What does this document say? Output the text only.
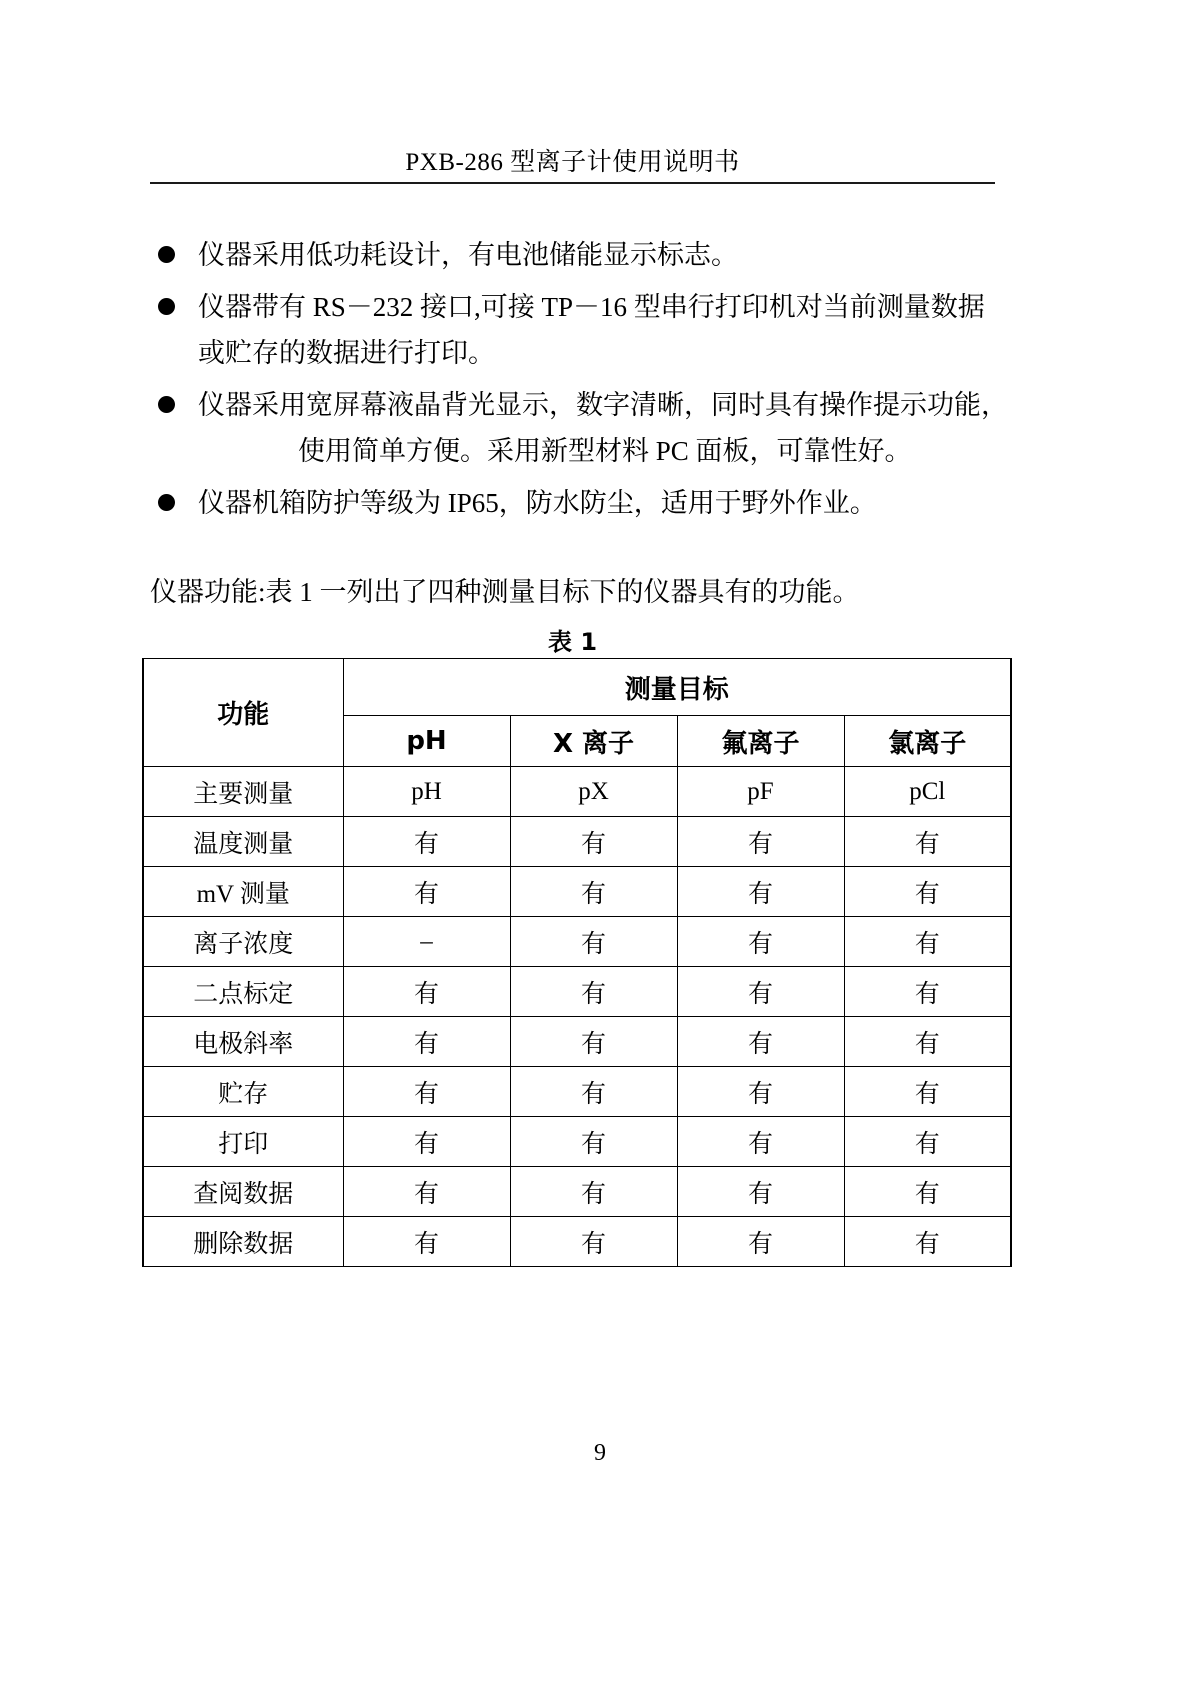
PXB-286 型离子计使用说明书
仪器采用低功耗设计，有电池储能显示标志。
仪器带有 RS－232 接口,可接 TP－16 型串行打印机对当前测量数据
或贮存的数据进行打印。
仪器采用宽屏幕液晶背光显示，数字清晰，同时具有操作提示功能，
使用简单方便。采用新型材料 PC 面板，可靠性好。
仪器机箱防护等级为 IP65，防水防尘，适用于野外作业。
仪器功能:表 1 一列出了四种测量目标下的仪器具有的功能。
表 1
功能	测量目标			
	pH	X 离子	氟离子	氯离子
主要测量	pH	pX	pF	pCl
温度测量	有	有	有	有
mV 测量	有	有	有	有
离子浓度	–	有	有	有
二点标定	有	有	有	有
电极斜率	有	有	有	有
贮存	有	有	有	有
打印	有	有	有	有
查阅数据	有	有	有	有
删除数据	有	有	有	有
9
